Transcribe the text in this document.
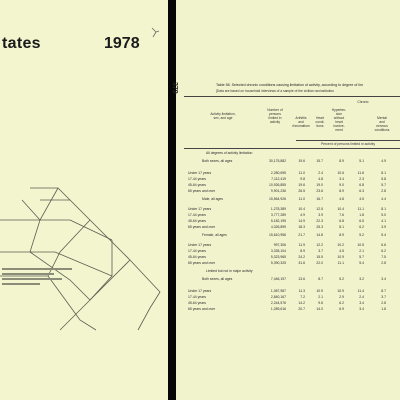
tates	1978
379	Table 58. Selected chronic conditions causing limitation of activity, according to degree of lim
[Data are based on household interviews of a sample of the civilian noninstitution
Activity limitation,
sex, and age
Number of
persons
limited in
activity
Arthritis
and
rheumatism
Heart
condi-
tions
Hyperten-
sion
without
heart
involve-
ment
Chronic
Mental
and
nervous
conditions
Percent of persons limited in activity
All degrees of activity limitation
Both sexes, all ages	30,175,882	19.6	15.7	8.9	5.1	4.9
Under 17 years	2,280,695	11.0	2.4	10.6	11.6	8.1
17-44 years	7,112,419	9.8	4.8	3.4	2.3	5.8
45-64 years	10,926,855	19.6	19.0	9.0	6.8	5.7
65 years and over	9,901,236	26.5	23.6	8.9	6.3	2.8
Male, all ages	15,564,926	11.0	16.7	4.8	4.5	4.4
Under 17 years	1,278,389	10.4	12.5	10.4	11.1	8.1
17-44 years	3,777,289	4.9	3.9	7.6	1.8	5.0
45-64 years	5,182,195	14.9	22.3	6.8	6.5	4.1
65 years and over	4,326,899	18.3	25.3	8.1	6.2	3.9
Female, all ages	15,610,956	21.7	14.8	8.9	5.2	5.4
Under 17 years	997,306	11.9	12.2	10.2	10.5	6.6
17-44 years	3,335,104	8.9	3.7	4.5	2.1	6.2
45-64 years	5,323,965	24.2	15.5	10.9	5.7	7.5
65 years and over	5,390,325	31.6	22.0	11.1	5.4	2.8
Limited but not in major activity
Both sexes, all ages	7,446,197	13.6	8.7	5.2	3.2	3.4
Under 17 years	1,087,987	11.3	10.9	10.9	11.4	8.7
17-44 years	2,840,167	7.2	2.1	2.9	2.4	3.7
45-64 years	2,244,576	14.2	9.6	6.2	3.4	2.8
65 years and over	1,289,616	20.7	14.0	6.9	3.4	1.8
